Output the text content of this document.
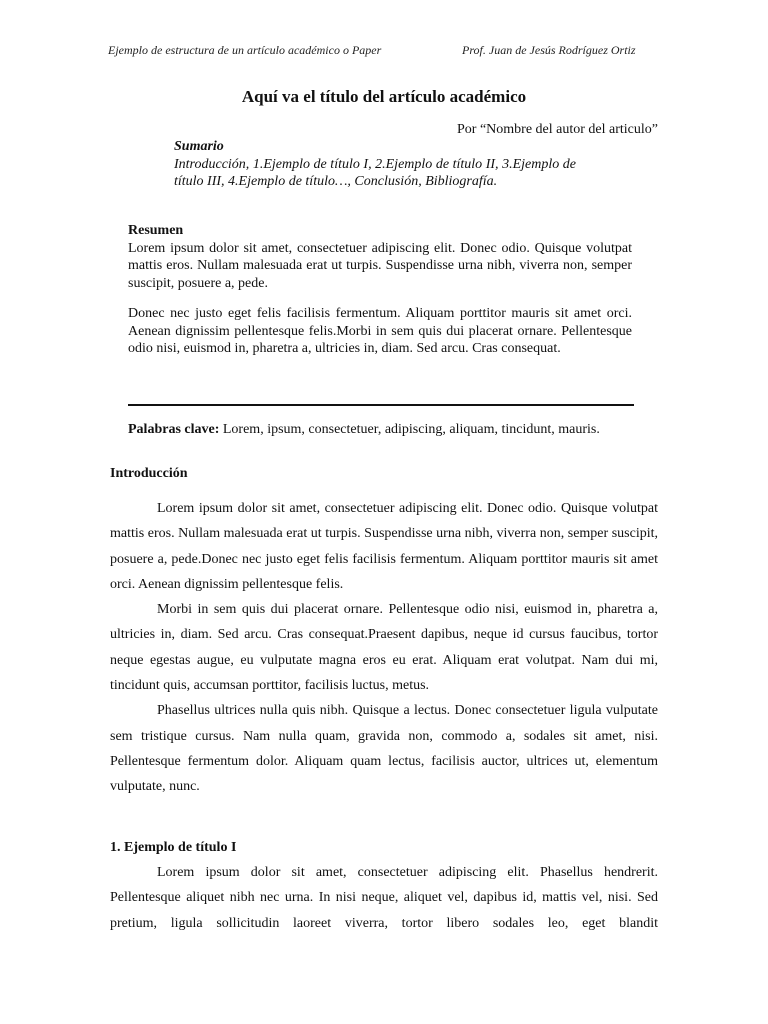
Ejemplo de estructura de un artículo académico o Paper	Prof. Juan de Jesús Rodríguez Ortiz
Aquí va el título del artículo académico
Por “Nombre del autor del articulo”
Sumario
Introducción, 1.Ejemplo de título I, 2.Ejemplo de título II, 3.Ejemplo de título III, 4.Ejemplo de título…, Conclusión, Bibliografía.
Resumen

Lorem ipsum dolor sit amet, consectetuer adipiscing elit. Donec odio. Quisque volutpat mattis eros. Nullam malesuada erat ut turpis. Suspendisse urna nibh, viverra non, semper suscipit, posuere a, pede.

Donec nec justo eget felis facilisis fermentum. Aliquam porttitor mauris sit amet orci. Aenean dignissim pellentesque felis.Morbi in sem quis dui placerat ornare. Pellentesque odio nisi, euismod in, pharetra a, ultricies in, diam. Sed arcu. Cras consequat.

Palabras clave: Lorem, ipsum, consectetuer, adipiscing, aliquam, tincidunt, mauris.
Introducción

Lorem ipsum dolor sit amet, consectetuer adipiscing elit. Donec odio. Quisque volutpat mattis eros. Nullam malesuada erat ut turpis. Suspendisse urna nibh, viverra non, semper suscipit, posuere a, pede.Donec nec justo eget felis facilisis fermentum. Aliquam porttitor mauris sit amet orci. Aenean dignissim pellentesque felis.

Morbi in sem quis dui placerat ornare. Pellentesque odio nisi, euismod in, pharetra a, ultricies in, diam. Sed arcu. Cras consequat.Praesent dapibus, neque id cursus faucibus, tortor neque egestas augue, eu vulputate magna eros eu erat. Aliquam erat volutpat. Nam dui mi, tincidunt quis, accumsan porttitor, facilisis luctus, metus.

Phasellus ultrices nulla quis nibh. Quisque a lectus. Donec consectetuer ligula vulputate sem tristique cursus. Nam nulla quam, gravida non, commodo a, sodales sit amet, nisi. Pellentesque fermentum dolor. Aliquam quam lectus, facilisis auctor, ultrices ut, elementum vulputate, nunc.

1. Ejemplo de título I

Lorem ipsum dolor sit amet, consectetuer adipiscing elit. Phasellus hendrerit. Pellentesque aliquet nibh nec urna. In nisi neque, aliquet vel, dapibus id, mattis vel, nisi. Sed pretium, ligula sollicitudin laoreet viverra, tortor libero sodales leo, eget blandit
